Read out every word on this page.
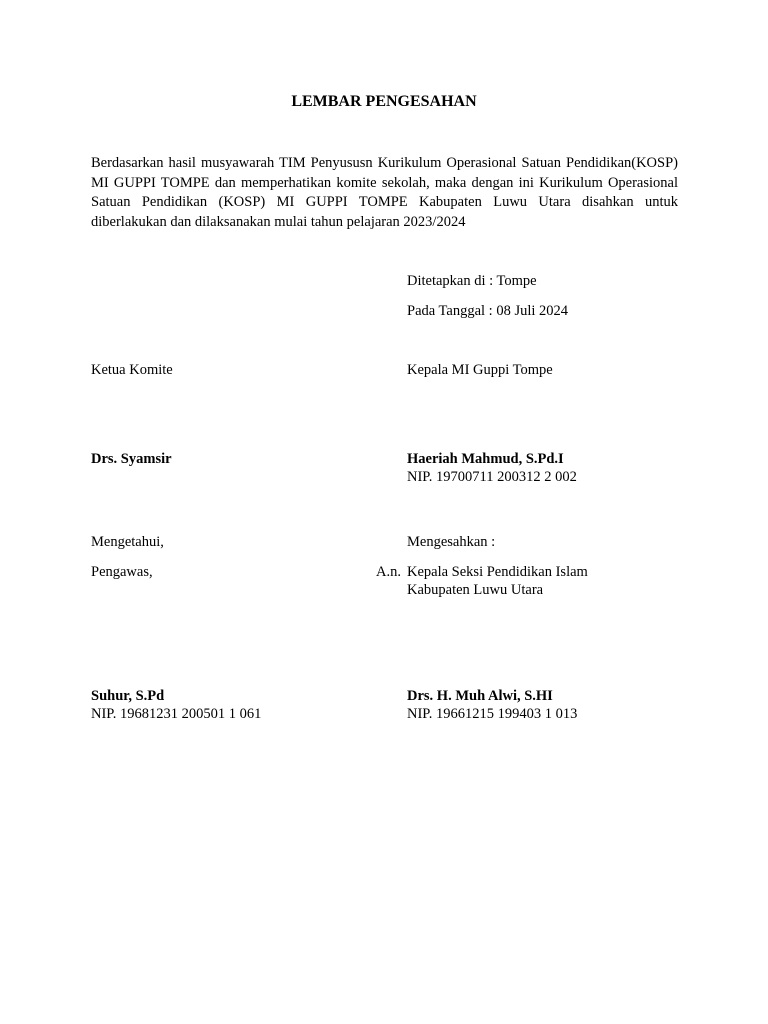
LEMBAR PENGESAHAN
Berdasarkan hasil musyawarah TIM Penyususn Kurikulum Operasional Satuan Pendidikan(KOSP) MI GUPPI TOMPE dan memperhatikan komite sekolah, maka dengan ini Kurikulum Operasional Satuan Pendidikan (KOSP) MI GUPPI TOMPE Kabupaten Luwu Utara disahkan untuk diberlakukan dan dilaksanakan mulai tahun pelajaran 2023/2024
Ditetapkan di : Tompe
Pada Tanggal : 08 Juli 2024
Ketua Komite	Kepala MI Guppi Tompe
Drs. Syamsir	Haeriah Mahmud, S.Pd.I
NIP. 19700711 200312 2 002
Mengetahui,	Mengesahkan :
Pengawas,	A.n. Kepala Seksi Pendidikan Islam
Kabupaten Luwu Utara
Suhur, S.Pd
NIP. 19681231 200501 1 061
Drs. H. Muh Alwi, S.HI
NIP. 19661215 199403 1 013
